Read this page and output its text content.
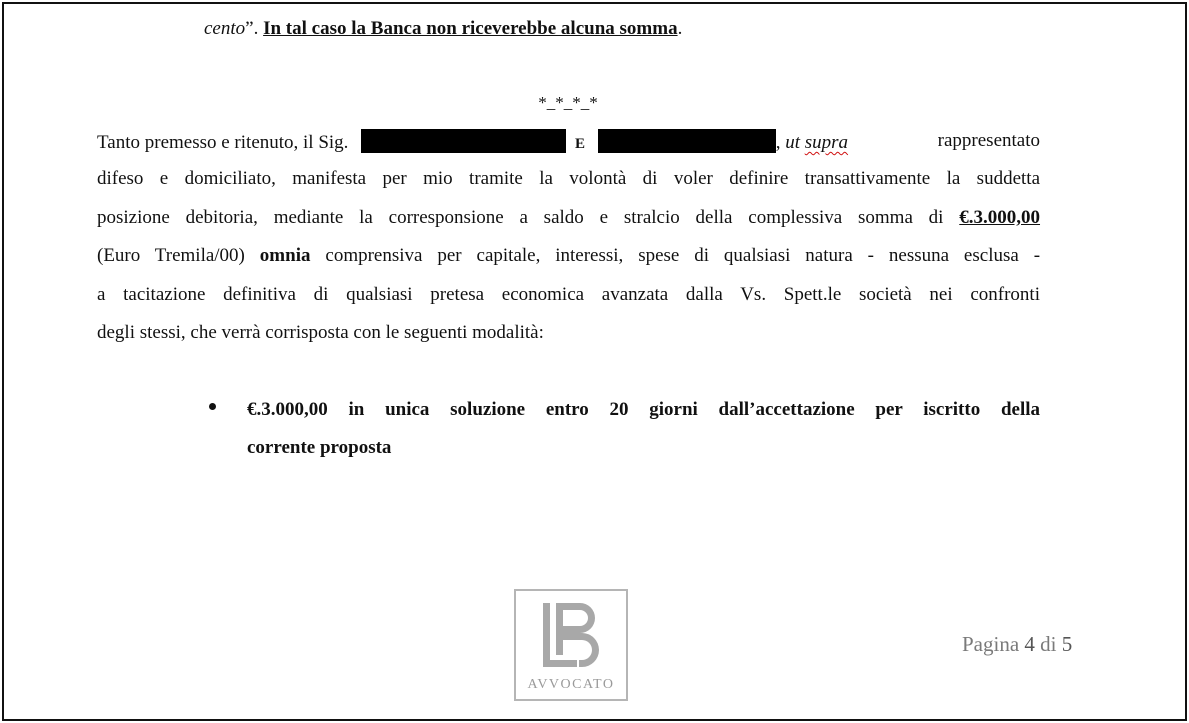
cento”. In tal caso la Banca non riceverebbe alcuna somma.
*_*_*_*
Tanto premesso e ritenuto, il Sig.	E	, ut supra	rappresentato
difeso e domiciliato, manifesta per mio tramite la volontà di voler definire transattivamente la suddetta
posizione debitoria, mediante la corresponsione a saldo e stralcio della complessiva somma di €.3.000,00
(Euro Tremila/00) omnia comprensiva per capitale, interessi, spese di qualsiasi natura - nessuna esclusa -
a tacitazione definitiva di qualsiasi pretesa economica avanzata dalla Vs. Spett.le società nei confronti
degli stessi, che verrà corrisposta con le seguenti modalità:
€.3.000,00 in unica soluzione entro 20 giorni dall’accettazione per iscritto della
corrente proposta
AVVOCATO
Pagina 4 di 5
